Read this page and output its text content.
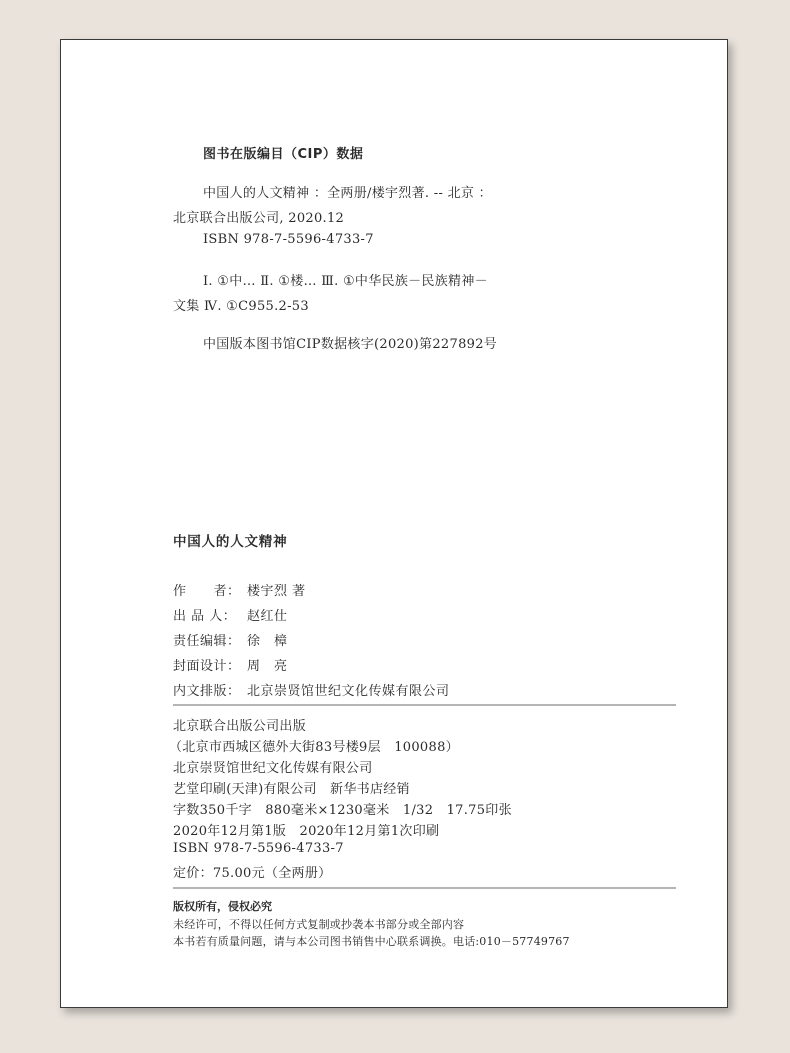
图书在版编目（CIP）数据
中国人的人文精神 ：全两册/楼宇烈著. -- 北京 ：
北京联合出版公司, 2020.12
ISBN 978-7-5596-4733-7
Ⅰ. ①中… Ⅱ. ①楼… Ⅲ. ①中华民族－民族精神－
文集 Ⅳ. ①C955.2-53
中国版本图书馆CIP数据核字(2020)第227892号
中国人的人文精神
作　　者： 楼宇烈 著
出 品 人： 赵红仕
责任编辑： 徐　樟
封面设计： 周　亮
内文排版： 北京崇贤馆世纪文化传媒有限公司
北京联合出版公司出版
（北京市西城区德外大街83号楼9层　100088）
北京崇贤馆世纪文化传媒有限公司
艺堂印刷(天津)有限公司　新华书店经销
字数350千字　880毫米×1230毫米　1/32　17.75印张
2020年12月第1版　2020年12月第1次印刷
ISBN 978-7-5596-4733-7
定价：75.00元（全两册）
版权所有，侵权必究
未经许可，不得以任何方式复制或抄袭本书部分或全部内容
本书若有质量问题，请与本公司图书销售中心联系调换。电话:010－57749767
